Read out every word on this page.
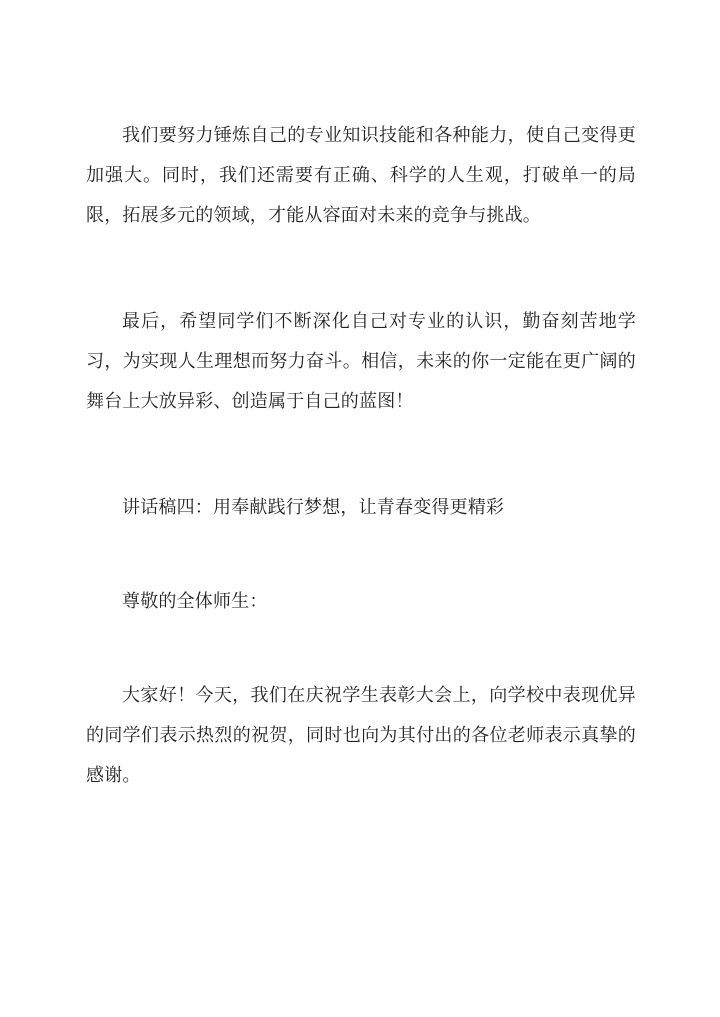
我们要努力锤炼自己的专业知识技能和各种能力，使自己变得更加强大。同时，我们还需要有正确、科学的人生观，打破单一的局限，拓展多元的领域，才能从容面对未来的竞争与挑战。

最后，希望同学们不断深化自己对专业的认识，勤奋刻苦地学习，为实现人生理想而努力奋斗。相信，未来的你一定能在更广阔的舞台上大放异彩、创造属于自己的蓝图！

讲话稿四：用奉献践行梦想，让青春变得更精彩

尊敬的全体师生：

大家好！今天，我们在庆祝学生表彰大会上，向学校中表现优异的同学们表示热烈的祝贺，同时也向为其付出的各位老师表示真挚的感谢。
